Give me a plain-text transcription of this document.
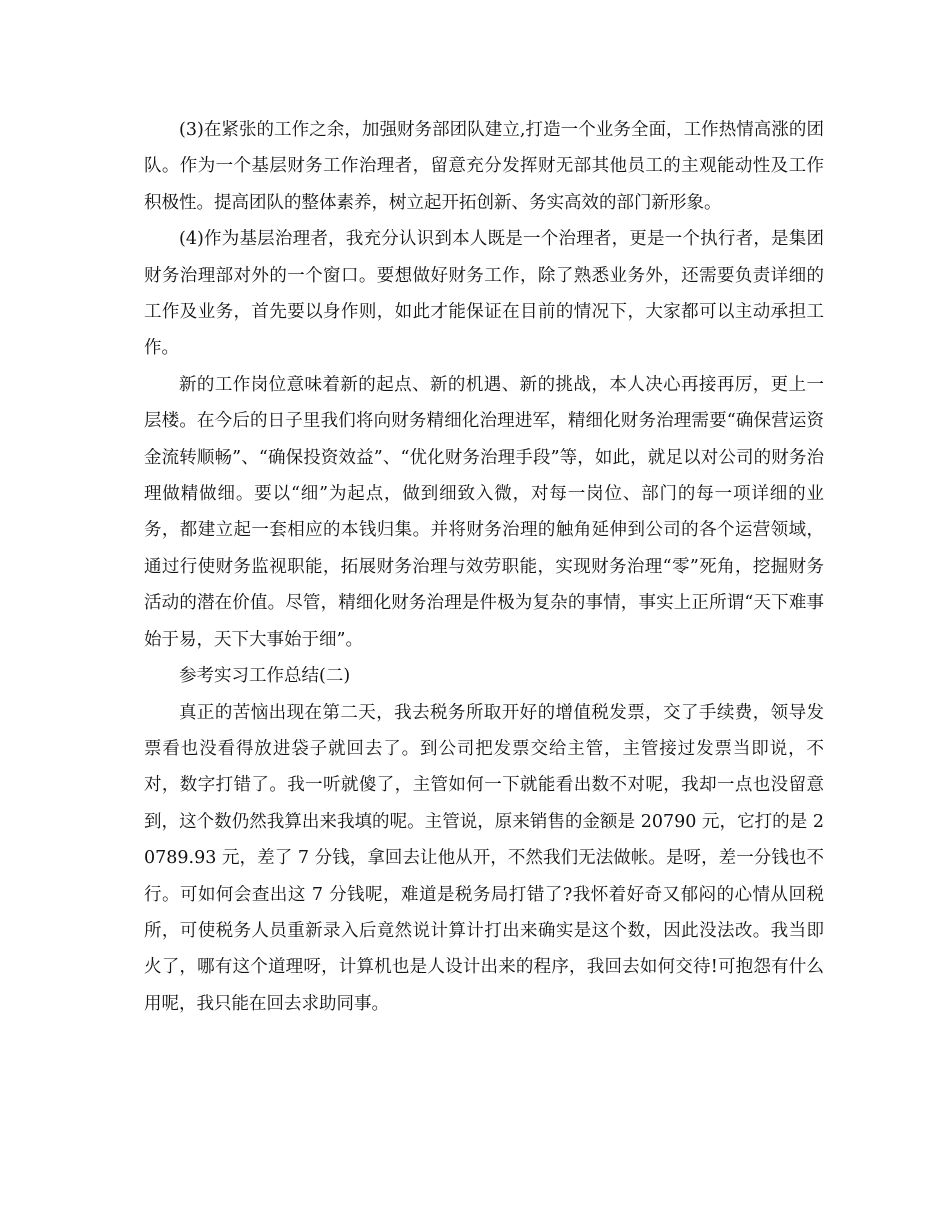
(3)在紧张的工作之余，加强财务部团队建立,打造一个业务全面，工作热情高涨的团队。作为一个基层财务工作治理者，留意充分发挥财无部其他员工的主观能动性及工作积极性。提高团队的整体素养，树立起开拓创新、务实高效的部门新形象。

(4)作为基层治理者，我充分认识到本人既是一个治理者，更是一个执行者，是集团财务治理部对外的一个窗口。要想做好财务工作，除了熟悉业务外，还需要负责详细的工作及业务，首先要以身作则，如此才能保证在目前的情况下，大家都可以主动承担工作。

新的工作岗位意味着新的起点、新的机遇、新的挑战，本人决心再接再厉，更上一层楼。在今后的日子里我们将向财务精细化治理进军，精细化财务治理需要“确保营运资金流转顺畅”、“确保投资效益”、“优化财务治理手段”等，如此，就足以对公司的财务治理做精做细。要以“细”为起点，做到细致入微，对每一岗位、部门的每一项详细的业务，都建立起一套相应的本钱归集。并将财务治理的触角延伸到公司的各个运营领域，通过行使财务监视职能，拓展财务治理与效劳职能，实现财务治理“零”死角，挖掘财务活动的潜在价值。尽管，精细化财务治理是件极为复杂的事情，事实上正所谓“天下难事始于易，天下大事始于细”。

参考实习工作总结(二)

真正的苦恼出现在第二天，我去税务所取开好的增值税发票，交了手续费，领导发票看也没看得放进袋子就回去了。到公司把发票交给主管，主管接过发票当即说，不对，数字打错了。我一听就傻了，主管如何一下就能看出数不对呢，我却一点也没留意到，这个数仍然我算出来我填的呢。主管说，原来销售的金额是 20790 元，它打的是 20789.93 元，差了 7 分钱，拿回去让他从开，不然我们无法做帐。是呀，差一分钱也不行。可如何会查出这 7 分钱呢，难道是税务局打错了?我怀着好奇又郁闷的心情从回税所，可使税务人员重新录入后竟然说计算计打出来确实是这个数，因此没法改。我当即火了，哪有这个道理呀，计算机也是人设计出来的程序，我回去如何交待!可抱怨有什么用呢，我只能在回去求助同事。
